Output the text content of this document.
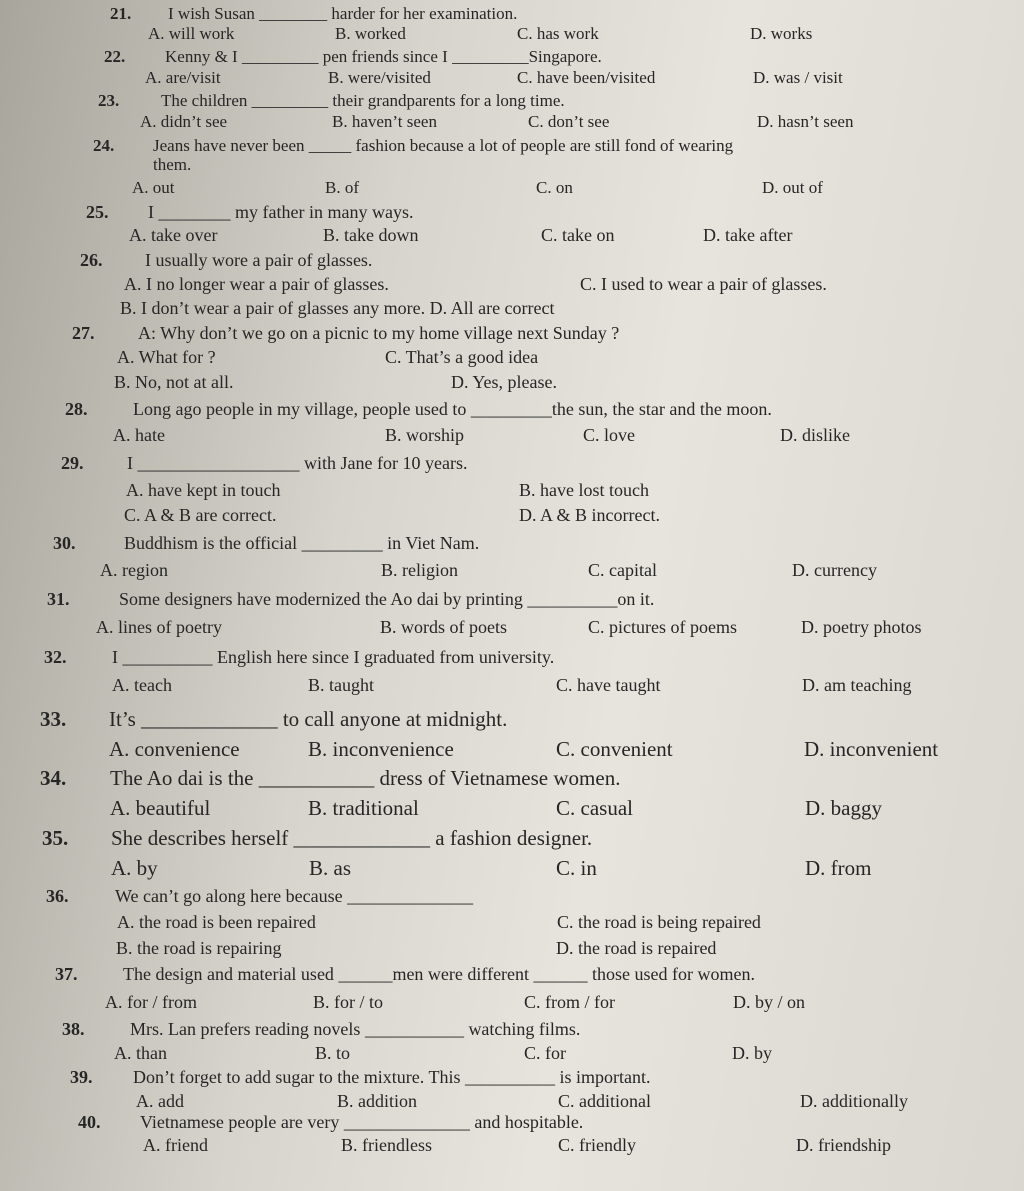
21. I wish Susan ________ harder for her examination.
A. will work	B. worked	C. has work	D. works
22. Kenny & I _________ pen friends since I _________Singapore.
A. are/visit	B. were/visited	C. have been/visited	D. was / visit
23. The children _________ their grandparents for a long time.
A. didn’t see	B. haven’t seen	C. don’t see	D. hasn’t seen
24. Jeans have never been _____ fashion because a lot of people are still fond of wearing
them.
A. out	B. of	C. on	D. out of
25. I ________ my father in many ways.
A. take over	B. take down	C. take on	D. take after
26. I usually wore a pair of glasses.
A. I no longer wear a pair of glasses.	C. I used to wear a pair of glasses.
B. I don’t wear a pair of glasses any more. D. All are correct
27. A: Why don’t we go on a picnic to my home village next Sunday ?
A. What for ?	C. That’s a good idea
B. No, not at all.	D. Yes, please.
28.	Long ago people in my village, people used to _________the sun, the star and the moon.
A. hate	B. worship	C. love	D. dislike
29. I __________________ with Jane for 10 years.
A. have kept in touch	B. have lost touch
C. A & B are correct.	D. A & B incorrect.
30.	Buddhism is the official _________ in Viet Nam.
A. region	B. religion	C. capital	D. currency
31.	Some designers have modernized the Ao dai by printing __________on it.
A. lines of poetry	B. words of poets	C. pictures of poems	D. poetry photos
32.	I __________ English here since I graduated from university.
A. teach	B. taught	C. have taught	D. am teaching
33. It’s _____________ to call anyone at midnight.
A. convenience	B. inconvenience	C. convenient	D. inconvenient
34. The Ao dai is the ___________ dress of Vietnamese women.
A. beautiful	B. traditional	C. casual	D. baggy
35. She describes herself _____________ a fashion designer.
A. by	B. as	C. in	D. from
36.	We can’t go along here because ______________
A. the road is been repaired	C. the road is being repaired
B. the road is repairing	D. the road is repaired
37.	The design and material used ______men were different ______ those used for women.
A. for / from	B. for / to	C. from / for	D. by / on
38.	Mrs. Lan prefers reading novels ___________ watching films.
A. than	B. to	C. for	D. by
39. Don’t forget to add sugar to the mixture. This __________ is important.
A. add	B. addition	C. additional	D. additionally
40. Vietnamese people are very ______________ and hospitable.
A. friend	B. friendless	C. friendly	D. friendship
